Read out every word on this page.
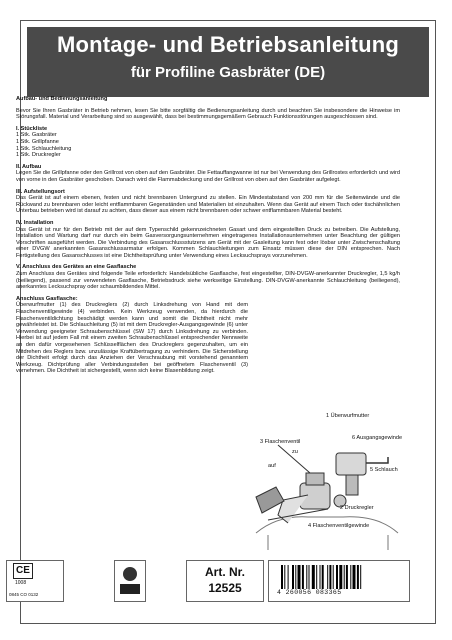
Montage- und Betriebsanleitung
für Profiline Gasbräter (DE)

Aufbau- und Bedienungsanleitung

Bevor Sie Ihren Gasbräter in Betrieb nehmen, lesen Sie bitte sorgfältig die Bedienungsanleitung durch und beachten Sie insbesondere die Hinweise im Störungsfall. Material und Verarbeitung sind so ausgewählt, dass bei bestimmungsgemäßem Gebrauch Funktionsstörungen ausgeschlossen sind.

I. Stückliste

1 Stk. Gasbräter
1 Stk. Grillpfanne
1 Stk. Schlauchleitung
1 Stk. Druckregler

II. Aufbau

Legen Sie die Grillpfanne oder den Grillrost von oben auf den Gasbräter. Die Fettauffangwanne ist nur bei Verwendung des Grillrostes erforderlich und wird von vorne in den Gasbräter geschoben. Danach wird die Flammabdeckung und der Grillrost von oben auf den Gasbräter aufgelegt.

III. Aufstellungsort

Das Gerät ist auf einem ebenen, festen und nicht brennbaren Untergrund zu stellen. Ein Mindestabstand von 200 mm für die Seitenwände und die Rückwand zu brennbaren oder leicht entflammbaren Gegenständen und Materialien ist einzuhalten. Wenn das Gerät auf einem Tisch oder tischähnlichen Unterbau betrieben wird ist darauf zu achten, dass dieser aus einem nicht brennbaren oder schwer entflammbaren Material besteht.

IV. Installation

Das Gerät ist nur für den Betrieb mit der auf dem Typenschild gekennzeichneten Gasart und dem eingestellten Druck zu betreiben. Die Aufstellung, Installation und Wartung darf nur durch ein beim Gasversorgungsunternehmen eingetragenes Installationsunternehmen unter Beachtung der gültigen Vorschriften ausgeführt werden. Die Verbindung des Gasanschlussstutzens am Gerät mit der Gasleitung kann fest oder lösbar unter Zwischenschaltung einer DVGW anerkannten Gasanschlussarmatur erfolgen. Kommen Schlauchleitungen zum Einsatz müssen diese der DIN entsprechen. Nach Fertigstellung des Gasanschlusses ist eine Dichtheitsprüfung unter Verwendung eines Lecksuchsprays vorzunehmen.

V. Anschluss des Gerätes an eine Gasflasche

Zum Anschluss des Gerätes sind folgende Teile erforderlich: Handelsübliche Gasflasche, fest eingestellter, DIN-DVGW-anerkannter Druckregler, 1,5 kg/h (beiliegend), passend zur verwendeten Gasflasche, Betriebsdruck siehe werkseitige Einstellung. DIN-DVGW-anerkannte Schlauchleitung (beiliegend), anerkanntes Lecksuchspray oder schaumbildendes Mittel.

Anschluss Gasflasche:

Überwurfmutter (1) des Druckreglers (2) durch Linksdrehung von Hand mit dem Flaschenventilgewinde (4) verbinden. Kein Werkzeug verwenden, da hierdurch die Flaschenventildichtung beschädigt werden kann und somit die Dichtheit nicht mehr gewährleistet ist. Die Schlauchleitung (5) ist mit dem Druckregler-Ausgangsgewinde (6) unter Verwendung geeigneter Schraubenschlüssel (SW 17) durch Linksdrehung zu verbinden. Hierbei ist auf jedem Fall mit einem zweiten Schraubenschlüssel entsprechender Nennweite an den dafür vorgesehenen Schlüsselflächen des Druckreglers gegenzuhalten, um ein Mitdrehen des Reglers bzw. unzulässige Kraftübertragung zu verhindern. Die Sicherstellung der Dichtheit erfolgt durch das Anziehen der Verschraubung mit vorstehend genanntem Werkzeug. Dichtprüfung aller Verbindungsstellen bei geöffnetem Flaschenventil (3) vornehmen. Die Dichtheit ist sichergestellt, wenn sich keine Blasenbildung zeigt.

1 Überwurfmutter
3 Flaschenventil
zu
auf
6 Ausgangsgewinde
5 Schlauch
2 Druckregler
4 Flaschenventilgewinde
CE
1008
0845 CO 0132
Art. Nr.
12525	4 260056 083365
